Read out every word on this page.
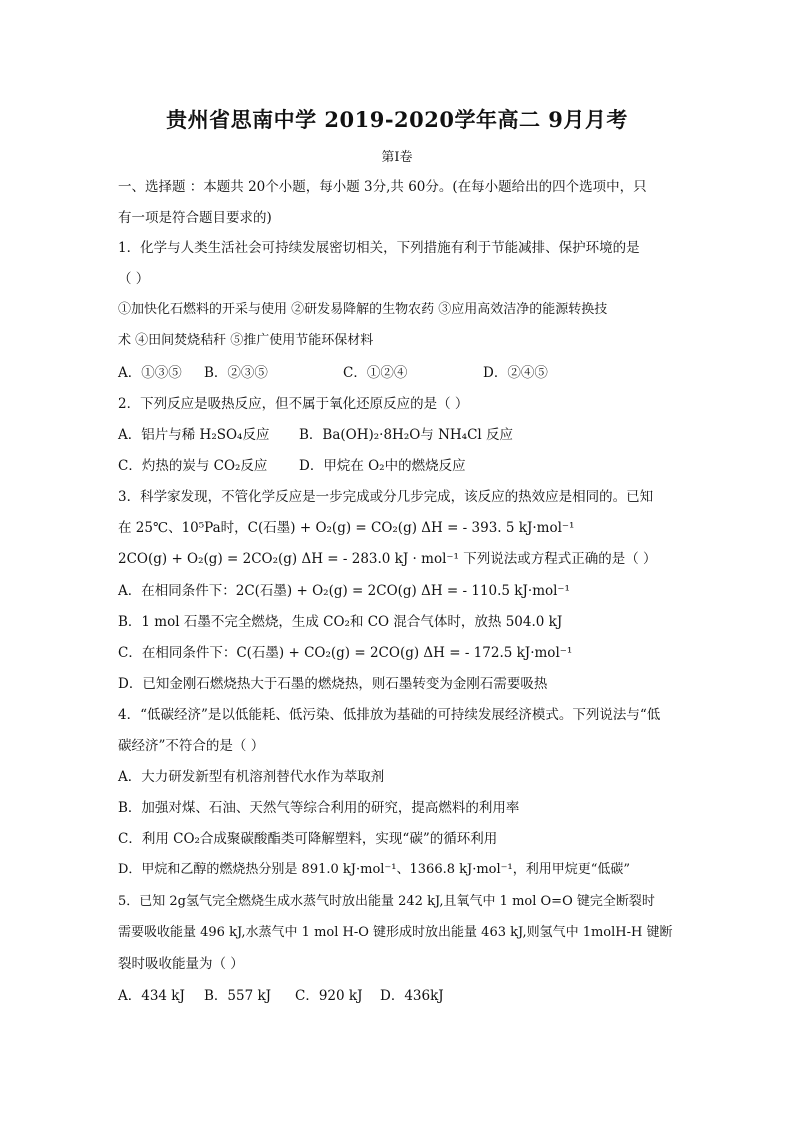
贵州省思南中学 2019-2020学年高二 9月月考
第Ⅰ卷
一、选择题 ：本题共 20个小题，每小题 3分,共 60分。(在每小题给出的四个选项中，只
有一项是符合题目要求的)
1．化学与人类生活社会可持续发展密切相关，下列措施有利于节能减排、保护环境的是
（ ）
①加快化石燃料的开采与使用 ②研发易降解的生物农药 ③应用高效洁净的能源转换技
术 ④田间焚烧秸秆 ⑤推广使用节能环保材料
A．①③⑤ B．②③⑤	C．①②④	D．②④⑤
2．下列反应是吸热反应，但不属于氧化还原反应的是（ ）
A．铝片与稀 H₂SO₄反应 B．Ba(OH)₂·8H₂O与 NH₄Cl 反应
C．灼热的炭与 CO₂反应 D．甲烷在 O₂中的燃烧反应
3．科学家发现，不管化学反应是一步完成或分几步完成，该反应的热效应是相同的。已知
在 25℃、10⁵Pa时，C(石墨) + O₂(g) = CO₂(g) ΔH = - 393. 5 kJ·mol⁻¹
2CO(g) + O₂(g) = 2CO₂(g) ΔH = - 283.0 kJ · mol⁻¹ 下列说法或方程式正确的是（ ）
A．在相同条件下：2C(石墨) + O₂(g) = 2CO(g) ΔH = - 110.5 kJ·mol⁻¹
B．1 mol 石墨不完全燃烧，生成 CO₂和 CO 混合气体时，放热 504.0 kJ
C．在相同条件下：C(石墨) + CO₂(g) = 2CO(g) ΔH = - 172.5 kJ·mol⁻¹
D．已知金刚石燃烧热大于石墨的燃烧热，则石墨转变为金刚石需要吸热
4．“低碳经济”是以低能耗、低污染、低排放为基础的可持续发展经济模式。下列说法与“低
碳经济”不符合的是（ ）
A．大力研发新型有机溶剂替代水作为萃取剂
B．加强对煤、石油、天然气等综合利用的研究，提高燃料的利用率
C．利用 CO₂合成聚碳酸酯类可降解塑料，实现“碳”的循环利用
D．甲烷和乙醇的燃烧热分别是 891.0 kJ·mol⁻¹、1366.8 kJ·mol⁻¹，利用甲烷更“低碳”
5．已知 2g氢气完全燃烧生成水蒸气时放出能量 242 kJ,且氧气中 1 mol O=O 键完全断裂时
需要吸收能量 496 kJ,水蒸气中 1 mol H-O 键形成时放出能量 463 kJ,则氢气中 1molH-H 键断
裂时吸收能量为（ ）
A．434 kJ B．557 kJ C．920 kJ D．436kJ
